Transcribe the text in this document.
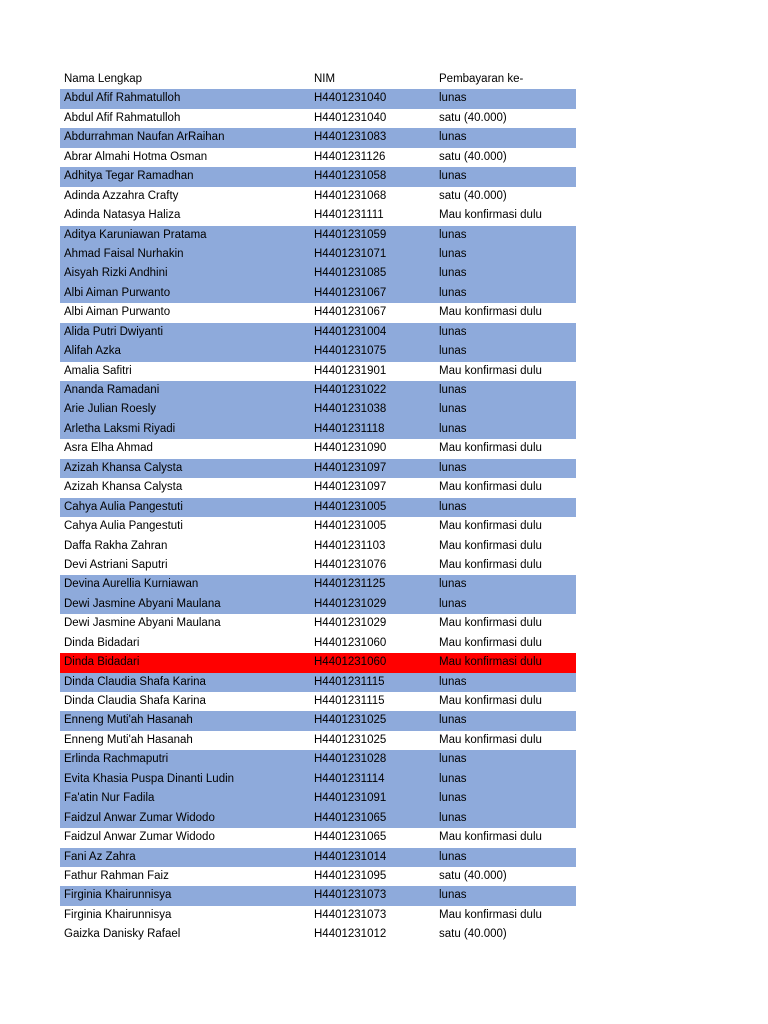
Nama Lengkap	NIM	Pembayaran ke-
Abdul Afif Rahmatulloh	H4401231040	lunas
Abdul Afif Rahmatulloh	H4401231040	satu (40.000)
Abdurrahman Naufan ArRaihan	H4401231083	lunas
Abrar Almahi Hotma Osman	H4401231126	satu (40.000)
Adhitya Tegar Ramadhan	H4401231058	lunas
Adinda Azzahra Crafty	H4401231068	satu (40.000)
Adinda Natasya Haliza	H4401231111	Mau konfirmasi dulu
Aditya Karuniawan Pratama	H4401231059	lunas
Ahmad Faisal Nurhakin	H4401231071	lunas
Aisyah Rizki Andhini	H4401231085	lunas
Albi Aiman Purwanto	H4401231067	lunas
Albi Aiman Purwanto	H4401231067	Mau konfirmasi dulu
Alida Putri Dwiyanti	H4401231004	lunas
Alifah Azka	H4401231075	lunas
Amalia Safitri	H4401231901	Mau konfirmasi dulu
Ananda Ramadani	H4401231022	lunas
Arie Julian Roesly	H4401231038	lunas
Arletha Laksmi Riyadi	H4401231118	lunas
Asra Elha Ahmad	H4401231090	Mau konfirmasi dulu
Azizah Khansa Calysta	H4401231097	lunas
Azizah Khansa Calysta	H4401231097	Mau konfirmasi dulu
Cahya Aulia Pangestuti	H4401231005	lunas
Cahya Aulia Pangestuti	H4401231005	Mau konfirmasi dulu
Daffa Rakha Zahran	H4401231103	Mau konfirmasi dulu
Devi Astriani Saputri	H4401231076	Mau konfirmasi dulu
Devina Aurellia Kurniawan	H4401231125	lunas
Dewi Jasmine Abyani Maulana	H4401231029	lunas
Dewi Jasmine Abyani Maulana	H4401231029	Mau konfirmasi dulu
Dinda Bidadari	H4401231060	Mau konfirmasi dulu
Dinda Bidadari	H4401231060	Mau konfirmasi dulu
Dinda Claudia Shafa Karina	H4401231115	lunas
Dinda Claudia Shafa Karina	H4401231115	Mau konfirmasi dulu
Enneng Muti'ah Hasanah	H4401231025	lunas
Enneng Muti'ah Hasanah	H4401231025	Mau konfirmasi dulu
Erlinda Rachmaputri	H4401231028	lunas
Evita Khasia Puspa Dinanti Ludin	H4401231114	lunas
Fa'atin Nur Fadila	H4401231091	lunas
Faidzul Anwar Zumar Widodo	H4401231065	lunas
Faidzul Anwar Zumar Widodo	H4401231065	Mau konfirmasi dulu
Fani Az Zahra	H4401231014	lunas
Fathur Rahman Faiz	H4401231095	satu (40.000)
Firginia Khairunnisya	H4401231073	lunas
Firginia Khairunnisya	H4401231073	Mau konfirmasi dulu
Gaizka Danisky Rafael	H4401231012	satu (40.000)
